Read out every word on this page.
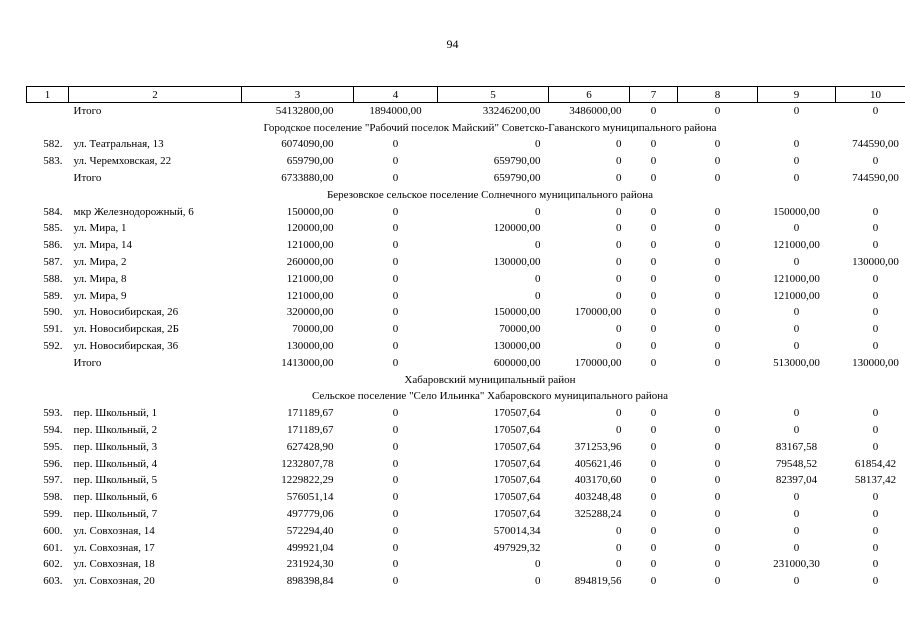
94
1	2	3	4	5	6	7	8	9	10
	Итого	54132800,00	1894000,00	33246200,00	3486000,00	0	0	0	0
Городское поселение "Рабочий поселок Майский" Советско-Гаванского муниципального района									
582.	ул. Театральная, 13	6074090,00	0	0	0	0	0	0	744590,00
583.	ул. Черемховская, 22	659790,00	0	659790,00	0	0	0	0	0
	Итого	6733880,00	0	659790,00	0	0	0	0	744590,00
Березовское сельское поселение Солнечного муниципального района									
584.	мкр Железнодорожный, 6	150000,00	0	0	0	0	0	150000,00	0
585.	ул. Мира, 1	120000,00	0	120000,00	0	0	0	0	0
586.	ул. Мира, 14	121000,00	0	0	0	0	0	121000,00	0
587.	ул. Мира, 2	260000,00	0	130000,00	0	0	0	0	130000,00
588.	ул. Мира, 8	121000,00	0	0	0	0	0	121000,00	0
589.	ул. Мира, 9	121000,00	0	0	0	0	0	121000,00	0
590.	ул. Новосибирская, 26	320000,00	0	150000,00	170000,00	0	0	0	0
591.	ул. Новосибирская, 2Б	70000,00	0	70000,00	0	0	0	0	0
592.	ул. Новосибирская, 36	130000,00	0	130000,00	0	0	0	0	0
	Итого	1413000,00	0	600000,00	170000,00	0	0	513000,00	130000,00
Хабаровский муниципальный район									
Сельское поселение "Село Ильинка" Хабаровского муниципального района									
593.	пер. Школьный, 1	171189,67	0	170507,64	0	0	0	0	0
594.	пер. Школьный, 2	171189,67	0	170507,64	0	0	0	0	0
595.	пер. Школьный, 3	627428,90	0	170507,64	371253,96	0	0	83167,58	0
596.	пер. Школьный, 4	1232807,78	0	170507,64	405621,46	0	0	79548,52	61854,42
597.	пер. Школьный, 5	1229822,29	0	170507,64	403170,60	0	0	82397,04	58137,42
598.	пер. Школьный, 6	576051,14	0	170507,64	403248,48	0	0	0	0
599.	пер. Школьный, 7	497779,06	0	170507,64	325288,24	0	0	0	0
600.	ул. Совхозная, 14	572294,40	0	570014,34	0	0	0	0	0
601.	ул. Совхозная, 17	499921,04	0	497929,32	0	0	0	0	0
602.	ул. Совхозная, 18	231924,30	0	0	0	0	0	231000,30	0
603.	ул. Совхозная, 20	898398,84	0	0	894819,56	0	0	0	0
